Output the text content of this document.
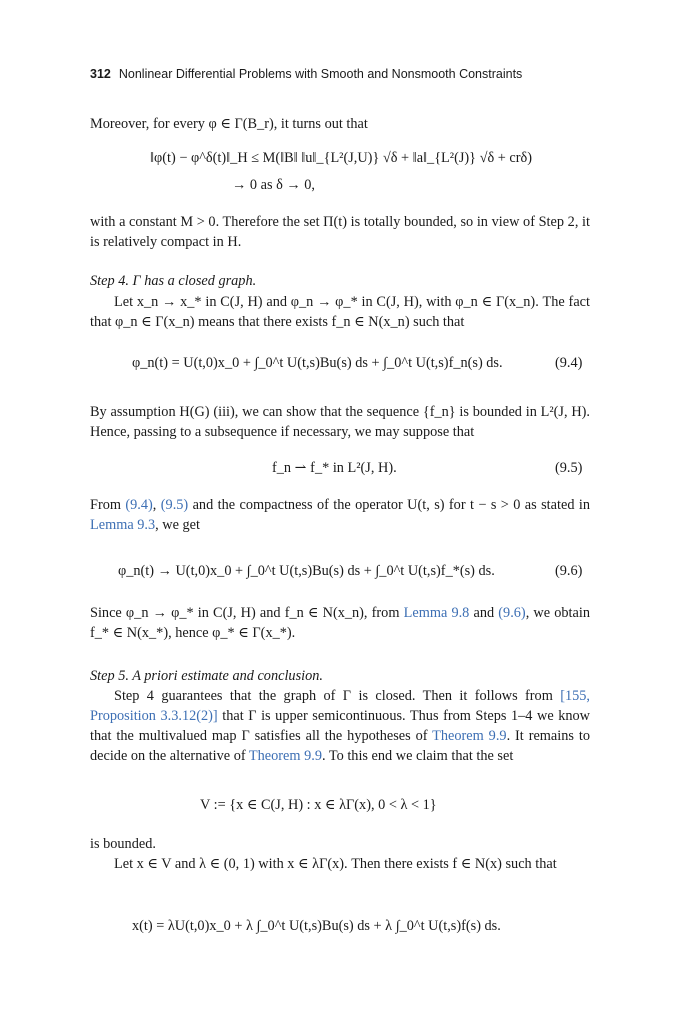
312 Nonlinear Differential Problems with Smooth and Nonsmooth Constraints
Moreover, for every φ ∈ Γ(B_r), it turns out that
‖φ(t) − φ^δ(t)‖_H ≤ M(‖B‖ ‖u‖_{L²(J,U)} √δ + ‖a‖_{L²(J)} √δ + crδ)
→ 0 as δ → 0,
with a constant M > 0. Therefore the set Π(t) is totally bounded, so in view of Step 2, it is relatively compact in H.
Step 4. Γ has a closed graph.
Let x_n → x_* in C(J, H) and φ_n → φ_* in C(J, H), with φ_n ∈ Γ(x_n). The fact that φ_n ∈ Γ(x_n) means that there exists f_n ∈ N(x_n) such that
φ_n(t) = U(t,0)x_0 + ∫_0^t U(t,s)Bu(s) ds + ∫_0^t U(t,s)f_n(s) ds.	(9.4)
By assumption H(G) (iii), we can show that the sequence {f_n} is bounded in L²(J, H). Hence, passing to a subsequence if necessary, we may suppose that
f_n ⇀ f_* in L²(J, H).	(9.5)
From (9.4), (9.5) and the compactness of the operator U(t, s) for t − s > 0 as stated in Lemma 9.3, we get
φ_n(t) → U(t,0)x_0 + ∫_0^t U(t,s)Bu(s) ds + ∫_0^t U(t,s)f_*(s) ds.	(9.6)
Since φ_n → φ_* in C(J, H) and f_n ∈ N(x_n), from Lemma 9.8 and (9.6), we obtain f_* ∈ N(x_*), hence φ_* ∈ Γ(x_*).
Step 5. A priori estimate and conclusion.
Step 4 guarantees that the graph of Γ is closed. Then it follows from [155, Proposition 3.3.12(2)] that Γ is upper semicontinuous. Thus from Steps 1–4 we know that the multivalued map Γ satisfies all the hypotheses of Theorem 9.9. It remains to decide on the alternative of Theorem 9.9. To this end we claim that the set
V := {x ∈ C(J, H) : x ∈ λΓ(x), 0 < λ < 1}
is bounded.
Let x ∈ V and λ ∈ (0, 1) with x ∈ λΓ(x). Then there exists f ∈ N(x) such that
x(t) = λU(t,0)x_0 + λ ∫_0^t U(t,s)Bu(s) ds + λ ∫_0^t U(t,s)f(s) ds.
